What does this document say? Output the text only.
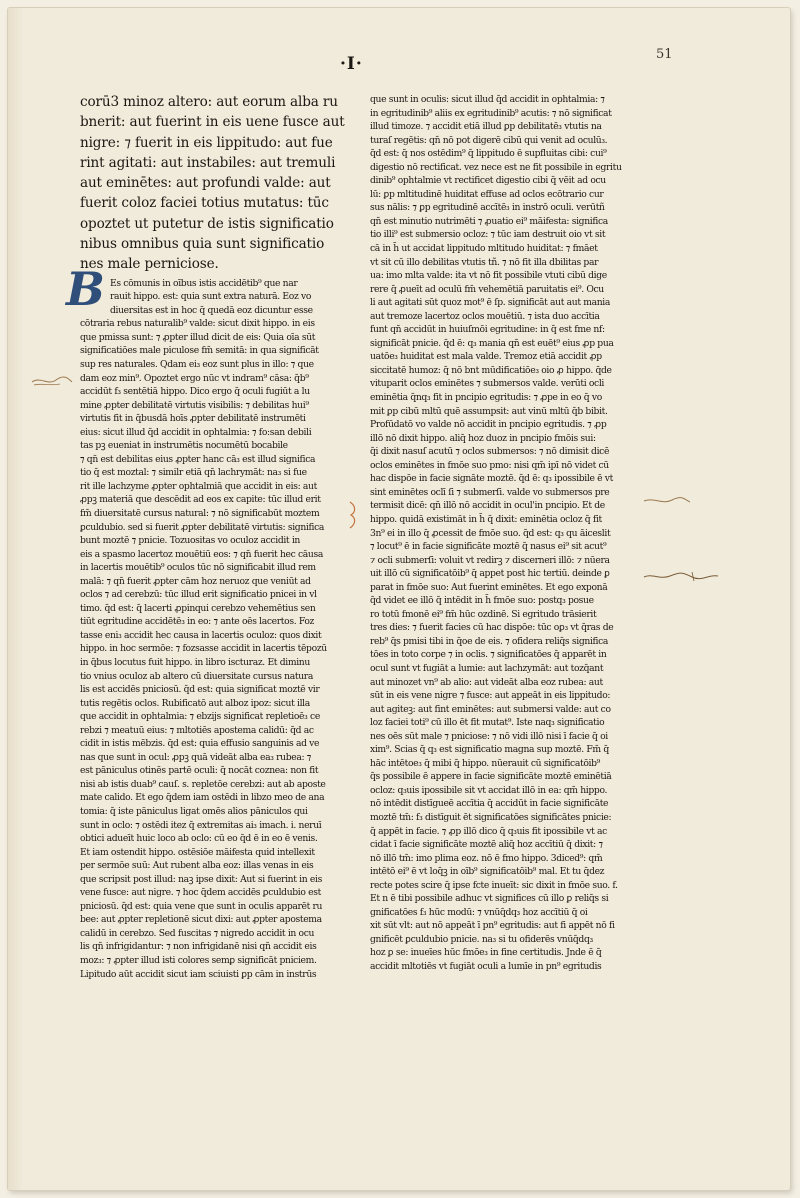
·I·	51
B
corū3 minoz altero: aut eorum alba ru
bnerit: aut fuerint in eis uene fusce aut
nigre: ⁊ fuerit in eis lippitudo: aut fue
rint agitati: aut instabiles: aut tremuli
aut eminētes: aut profundi valde: aut
fuerit coloz faciei totius mutatus: tūc
opoztet ut putetur de istis significatio
nibus omnibus quia sunt significatio
nes male perniciose.
Es cōmunis in oībus istis accidētib⁹ que nar
rauit hippo. est: quia sunt extra naturā. Eoz vo
diuersitas est in hoc q̄ quedā eoz dicuntur esse
cōtraria rebus naturalib⁹ valde: sicut dixit hippo. in eis
que pmissa sunt: ⁊ ꝓpter illud dicit de eis: Quia oīa sūt
significatiōes male piculose fm̄ semitā: in qua significāt
sup res naturales. Qdam ei₃ eoz sunt plus in illo: ⁊ que
dam eoz min⁹. Opoztet ergo nūc vt indram⁹ cāsa: q̄b⁹
accidūt f₃ sentētiā hippo. Dico ergo q̄ oculi fugiūt a lu
mine ꝓpter debilitatē virtutis visibilis: ⁊ debilitas hui⁹
virtutis fit in q̄busdā hoīs ꝓpter debilitatē instrumēti
eius: sicut illud q̄d accidit in ophtalmia: ⁊ fo:san debili
tas pꝫ eueniat in instrumētis nocumētū bocabile
⁊ qn̄ est debilitas eius ꝓpter hanc cā₃ est illud significa
tio q̄ est moztal: ⁊ similr etiā qn̄ lachrymāt: na₃ si fue
rit ille lachzyme ꝓpter ophtalmiā que accidit in eis: aut
ꝓpꝫ materiā que descēdit ad eos ex capite: tūc illud erit
fm̄ diuersitatē cursus natural: ⁊ nō significabūt moztem
ꝑculdubio. sed si fuerit ꝓpter debilitatē virtutis: significa
bunt moztē ⁊ pnicie. Tozuositas vo oculoz accidit in
eis a spasmo lacertoz mouētiū eos: ⁊ qn̄ fuerit hec cāusa
in lacertis mouētib⁹ oculos tūc nō significabit illud rem
malā: ⁊ qn̄ fuerit ꝓpter cām hoz neruoz que veniūt ad
oclos ⁊ ad cerebzū: tūc illud erit significatio pnicei in vl
timo. q̄d est: q̄ lacerti ꝓpinqui cerebzo vehemētius sen
tiūt egritudine accidētē₃ in eo: ⁊ ante oēs lacertos. Foz
tasse eni₃ accidit hec causa in lacertis oculoz: quos dixit
hippo. in hoc sermōe: ⁊ fozsasse accidit in lacertis tēpozū
in q̄bus locutus fuit hippo. in libro iscturaz. Et diminu
tio vnius oculoz ab altero cū diuersitate cursus natura
lis est accidēs pniciosū. q̄d est: quia significat moztē vir
tutis regētis oclos. Rubificatō aut alboz ipoz: sicut illa
que accidit in ophtalmia: ⁊ ebzijs significat repletioē₃ ce
rebzi ⁊ meatuū eius: ⁊ mltotiēs apostema calidū: q̄d ac
cidit in istis mēbzis. q̄d est: quia effusio sanguinis ad ve
nas que sunt in ocul: ꝓpꝫ quā videāt alba ea₃ rubea: ⁊
est pāniculus otinēs partē oculi: q̄ nocāt coznea: non fit
nisi ab istis duab⁹ cauſ. s. repletōe cerebzi: aut ab aposte
mate calido. Et ego q̄dem iam ostēdi in libzo meo de ana
tomia: q̄ iste pāniculus ligat omēs alios pāniculos qui
sunt in oclo: ⁊ ostēdi itez q̄ extremitas ai₃ imach. i. neruī
obtici adueīt huic loco ab oclo: cū eo q̄d ē in eo ē venis.
Et iam ostendit hippo. ostēsiōe māifesta quid intellexit
per sermōe suū: Aut rubent alba eoz: illas venas in eis
que scripsit post illud: naꝫ ipse dixit: Aut si fuerint in eis
vene fusce: aut nigre. ⁊ hoc q̄dem accidēs ꝑculdubio est
pniciosū. q̄d est: quia vene que sunt in oculis apparēt ru
bee: aut ꝓpter repletionē sicut dixi: aut ꝓpter apostema
calidū in cerebzo. Sed fuscitas ⁊ nigredo accidit in ocu
lis qn̄ infrigidantur: ⁊ non infrigidanē nisi qn̄ accidit eis
moz₃: ⁊ ꝓpter illud isti colores semꝑ significāt pniciem.
Lipitudo aūt accidit sicut iam sciuisti ꝑp cām in instrūs
que sunt in oculis: sicut illud q̄d accidit in ophtalmia: ⁊
in egritudinib⁹ aliis ex egritudinib⁹ acutis: ⁊ nō significat
illud timoze. ⁊ accidit etiā illud ꝑp debilitatē₃ vtutis na
turaſ regētis: qn̄ nō pot digerē cibū qui venit ad oculū₃.
q̄d est: q̄ nos ostēdim⁹ q̄ lippitudo ē supfluitas cibi: cui⁹
digestio nō rectificat. vez nece est ne fit possibile in egritu
dinib⁹ ophtalmie vt rectificet digestio cibi q̄ vēit ad ocu
lū: ꝑp mltitudinē huiditat effuse ad oclos ecōtrario cur
sus nālis: ⁊ ꝑp egritudinē accītē₃ in instrō oculi. verūtñ
qn̄ est minutio nutrimēti ⁊ ꝓuatio ei⁹ māifesta: significa
tio illi⁹ est submersio ocloz: ⁊ tūc iam destruit oio vt sit
cā in h̄ ut accidat lippitudo mltitudo huiditat: ⁊ fmāet
vt sit cū illo debilitas vtutis tñ. ⁊ nō fit illa dbilitas par
ua: imo mlta valde: ita vt nō fit possibile vtuti cibū dige
rere q̄ ꝓueīt ad oculū fm̄ vehemētiā paruitatis ei⁹. Ocu
li aut agitati sūt quoz mot⁹ ē ſp. significāt aut aut mania
aut tremoze lacertoz oclos mouētiū. ⁊ ista duo accītia
funt qn̄ accidūt in huiuſmōi egritudine: in q̄ est fme nf:
significāt pnicie. q̄d ē: q₃ mania qn̄ est euēt⁹ eius ꝓp pua
uatōe₃ huiditat est mala valde. Tremoz etiā accidit ꝓp
siccitatē humoz: q̄ nō bnt mūdificatiōe₃ oio ꝓ hippo. q̄de
vituparit oclos eminētes ⁊ submersos valde. verūti ocli
eminētia q̄nq₃ fit in pncipio egritudis: ⁊ ꝓpe in eo q̄ vo
mit ꝑp cibū mltū quē assumpsit: aut vinū mltū q̄b bibit.
Profūdatō vo valde nō accidit in pncipio egritudis. ⁊ ꝓp
illō nō dixit hippo. aliq̄ hoz duoz in pncipio fmōis sui:
q̄i dixit nasuſ acutū ⁊ oclos submersos: ⁊ nō dimisit dicē
oclos eminētes in fmōe suo pmo: nisi qm̄ ipī nō videt cū
hac dispōe in facie signāte moztē. q̄d ē: q₃ ipossibile ē vt
sint eminētes oclī ſi ⁊ submerſi. valde vo submersos pre
termisit dicē: qn̄ illō nō accidit in ocul'in pncipio. Et de
hippo. quidā existimāt in h̄ q̄ dixit: eminētia ocloz q̄ fit
3n⁹ ei in illo q̄ ꝓcessit de fmōe suo. q̄d est: q₃ qu āiceslit
⁊ locut⁹ ē in facie significāte moztē q̄ nasus ei⁹ sit acut⁹
⁊ ocli submerſi: voluit vt redirꝫ ⁊ discerneri illō: ⁊ nūera
uit illō cū significatōib⁹ q̄ appet post hic tertiū. deinde ꝑ
parat in fmōe suo: Aut fuerint eminētes. Et ego exponā
q̄d videt ee illō q̄ intēdit in h̄ fmōe suo: postq₃ posue
ro totū fmonē ei⁹ fm̄ hūc ozdinē. Si egritudo trāsierit
tres dies: ⁊ fuerit facies cū hac dispōe: tūc oꝑ₃ vt q̄ras de
reb⁹ q̄s pmisi tibi in q̄oe de eis. ⁊ ofidera reliq̄s significa
tōes in toto corpe ⁊ in oclis. ⁊ significatōes q̄ apparēt in
ocul sunt vt fugiāt a lumie: aut lachzymāt: aut tozq̄ant
aut minozet vn⁹ ab alio: aut videāt alba eoz rubea: aut
sūt in eis vene nigre ⁊ fusce: aut appeāt in eis lippitudo:
aut agiteꝫ: aut fint eminētes: aut submersi valde: aut co
loz faciei toti⁹ cū illo ēt fit mutat⁹. Iste naq₃ significatio
nes oēs sūt male ⁊ pniciose: ⁊ nō vidi illō nisi ī facie q̄ oi
xim⁹. Scias q̄ q₃ est significatio magna sup moztē. Fm̄ q̄
hāc intētoe₃ q̄ mibi q̄ hippo. nūerauit cū significatōib⁹
q̄s possibile ē appere in facie significāte moztē eminētiā
ocloz: q₃uis ipossibile sit vt accidat illō in ea: qm̄ hippo.
nō intēdit distīgueē accītia q̄ accidūt in facie significāte
moztē tm̄: f₃ distīguit ēt significatōes significātes pnicie:
q̄ appēt in facie. ⁊ ꝓp illō dico q̄ q₃uis fit ipossibile vt ac
cidat ī facie significāte moztē aliq̄ hoz accītiū q̄ dixit: ⁊
nō illō tm̄: imo plima eoz. nō ē fmo hippo. 3diced⁹: qm̄
intētō ei⁹ ē vt loq̄ꝫ in oīb⁹ significatōib⁹ mal. Et tu q̄dez
recte potes scire q̄ ipse fcte inueīt: sic dixit in fmōe suo. f.
Et n ē tibi possibile adhuc vt significes cū illo ꝑ reliq̄s si
gnificatōes f₃ hūc modū: ⁊ vnūq̄dq₃ hoz accītiū q̄ oi
xit sūt vlt: aut nō appeāt ī pn⁹ egritudis: aut fi appēt nō fi
gnificēt ꝑculdubio pnicie. na₃ si tu ofiderēs vnūq̄dq₃
hoz ꝑ se: inueīes hūc fmōe₃ in fine certitudis. Jnde ē q̄
accidit mltotiēs vt fugiāt oculi a lumīe in pn⁹ egritudis
